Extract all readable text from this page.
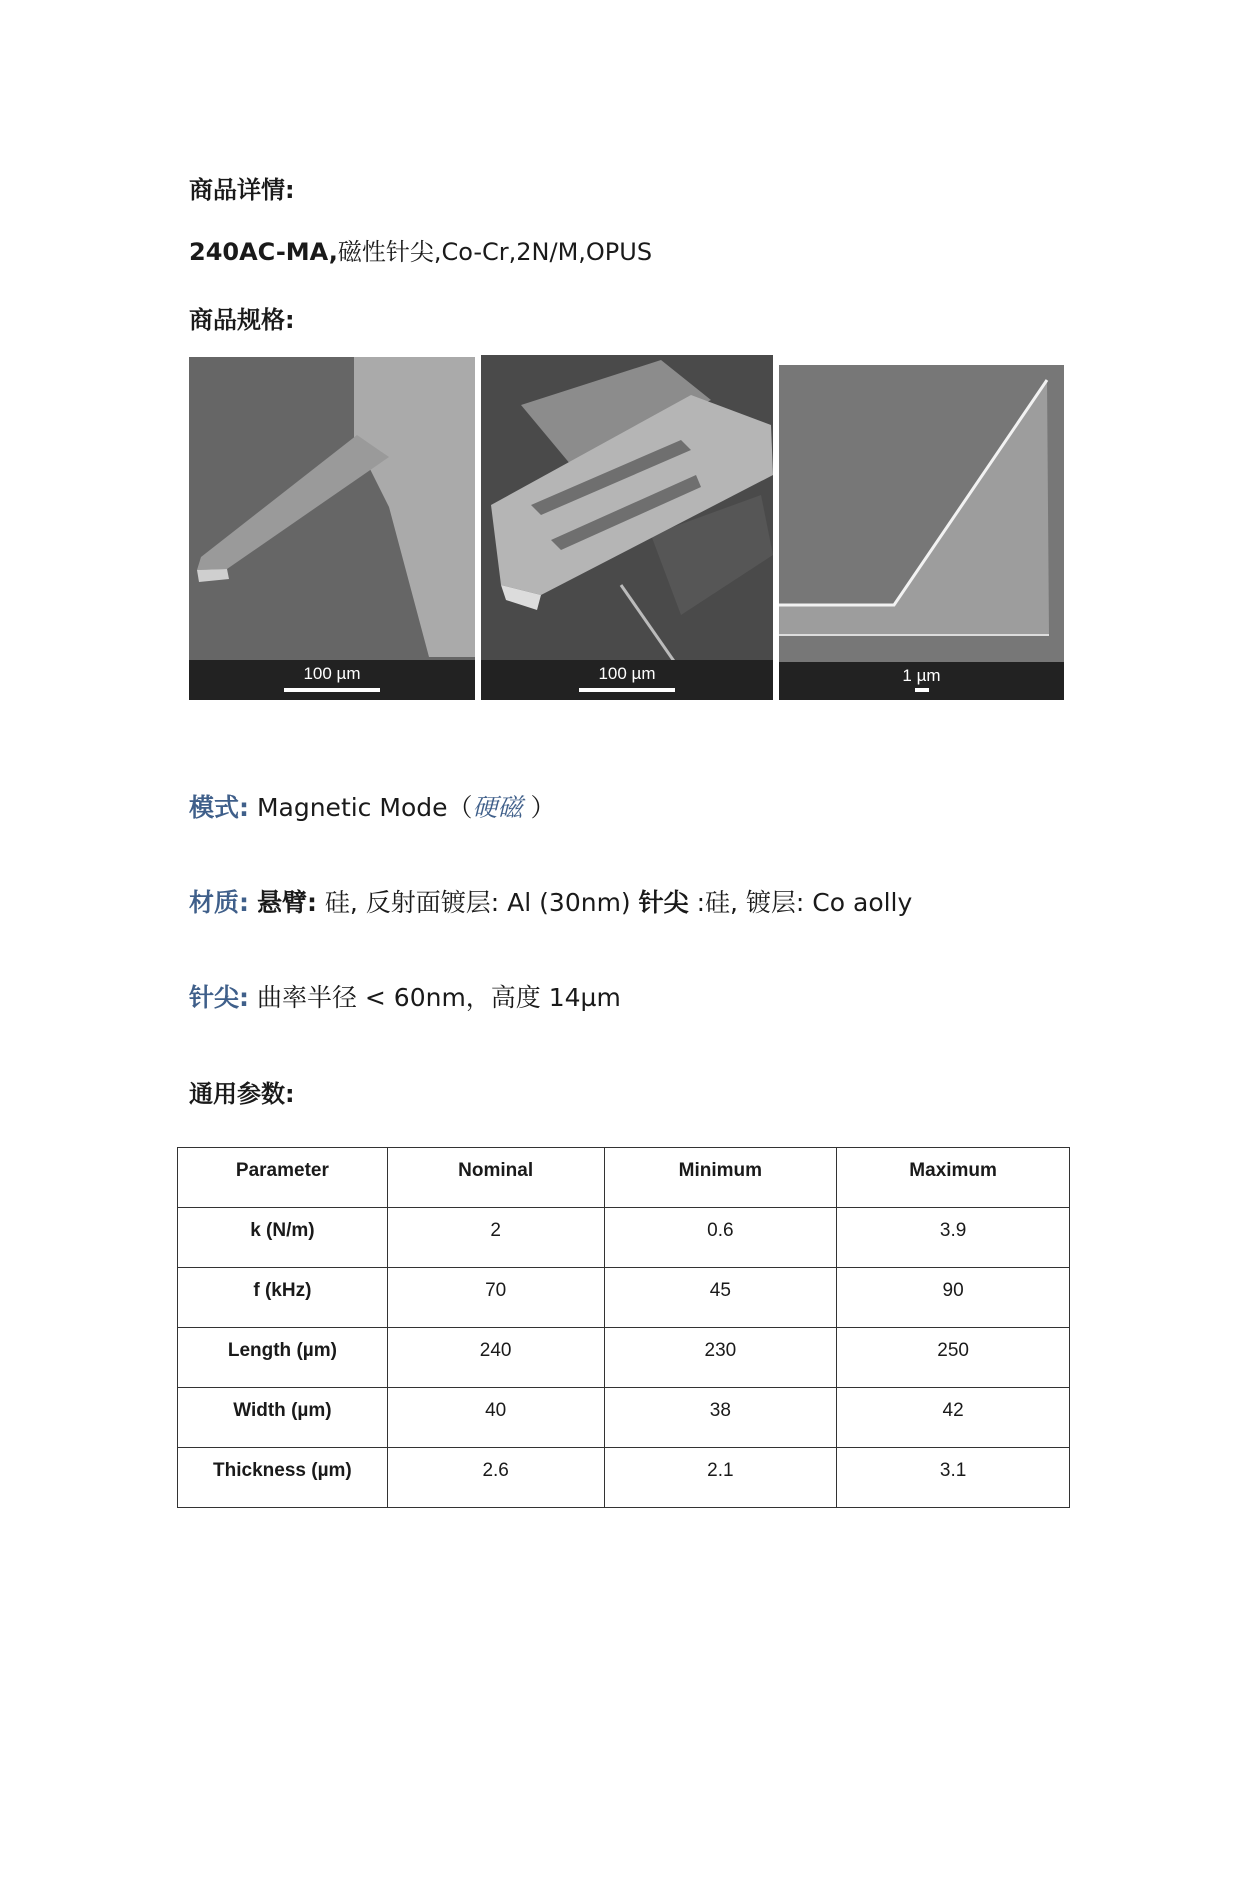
商品详情:
240AC-MA,磁性针尖,Co-Cr,2N/M,OPUS
商品规格:
100 µm	100 µm	1 µm
模式: Magnetic Mode（硬磁 ）
材质: 悬臂: 硅, 反射面镀层: Al (30nm) 针尖 :硅, 镀层: Co aolly
针尖: 曲率半径 < 60nm，高度 14µm
通用参数:
Parameter	Nominal	Minimum	Maximum
k (N/m)	2	0.6	3.9
f (kHz)	70	45	90
Length (µm)	240	230	250
Width (µm)	40	38	42
Thickness (µm)	2.6	2.1	3.1
